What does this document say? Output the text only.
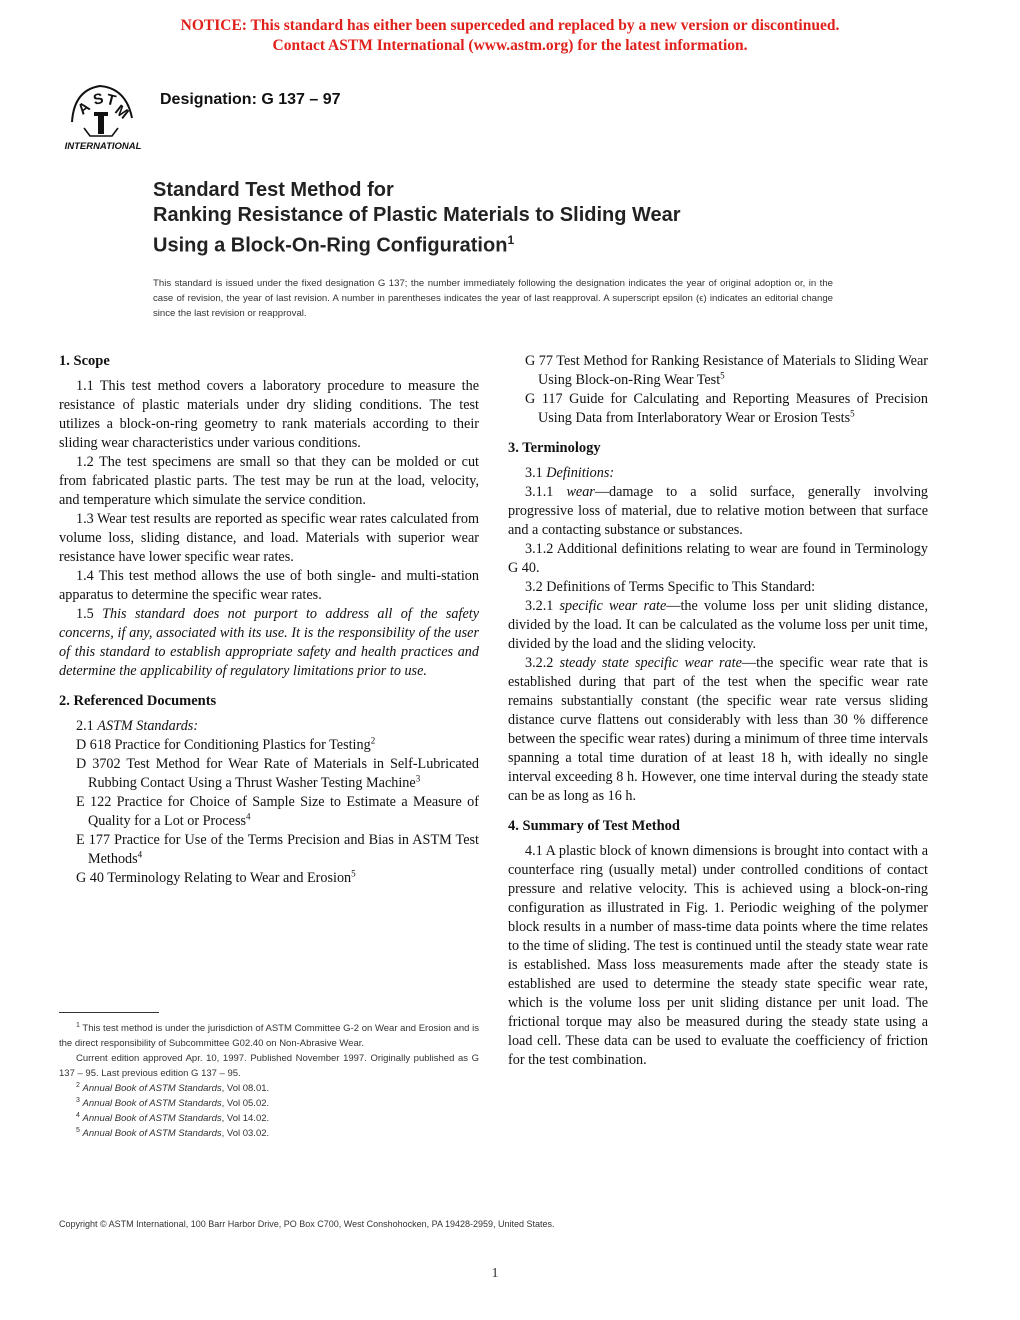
NOTICE: This standard has either been superceded and replaced by a new version or discontinued.
Contact ASTM International (www.astm.org) for the latest information.
A
S T
M
INTERNATIONAL
Designation: G 137 – 97
Standard Test Method for
Ranking Resistance of Plastic Materials to Sliding Wear
Using a Block-On-Ring Configuration$^1$
This standard is issued under the fixed designation G 137; the number immediately following the designation indicates the year of original adoption or, in the case of revision, the year of last revision. A number in parentheses indicates the year of last reapproval. A superscript epsilon (ϵ) indicates an editorial change since the last revision or reapproval.
1. Scope

1.1 This test method covers a laboratory procedure to measure the resistance of plastic materials under dry sliding conditions. The test utilizes a block-on-ring geometry to rank materials according to their sliding wear characteristics under various conditions.

1.2 The test specimens are small so that they can be molded or cut from fabricated plastic parts. The test may be run at the load, velocity, and temperature which simulate the service condition.

1.3 Wear test results are reported as specific wear rates calculated from volume loss, sliding distance, and load. Materials with superior wear resistance have lower specific wear rates.

1.4 This test method allows the use of both single- and multi-station apparatus to determine the specific wear rates.

1.5 This standard does not purport to address all of the safety concerns, if any, associated with its use. It is the responsibility of the user of this standard to establish appropriate safety and health practices and determine the applicability of regulatory limitations prior to use.

2. Referenced Documents

2.1 ASTM Standards:

D 618 Practice for Conditioning Plastics for Testing$^2$

D 3702 Test Method for Wear Rate of Materials in Self-Lubricated Rubbing Contact Using a Thrust Washer Testing Machine$^3$

E 122 Practice for Choice of Sample Size to Estimate a Measure of Quality for a Lot or Process$^4$

E 177 Practice for Use of the Terms Precision and Bias in ASTM Test Methods$^4$

G 40 Terminology Relating to Wear and Erosion$^5$

$^1$ This test method is under the jurisdiction of ASTM Committee G-2 on Wear and Erosion and is the direct responsibility of Subcommittee G02.40 on Non-Abrasive Wear.

Current edition approved Apr. 10, 1997. Published November 1997. Originally published as G 137 – 95. Last previous edition G 137 – 95.

$^2$ Annual Book of ASTM Standards, Vol 08.01.

$^3$ Annual Book of ASTM Standards, Vol 05.02.

$^4$ Annual Book of ASTM Standards, Vol 14.02.

$^5$ Annual Book of ASTM Standards, Vol 03.02.

G 77 Test Method for Ranking Resistance of Materials to Sliding Wear Using Block-on-Ring Wear Test$^5$

G 117 Guide for Calculating and Reporting Measures of Precision Using Data from Interlaboratory Wear or Erosion Tests$^5$

3. Terminology

3.1 Definitions:

3.1.1 wear—damage to a solid surface, generally involving progressive loss of material, due to relative motion between that surface and a contacting substance or substances.

3.1.2 Additional definitions relating to wear are found in Terminology G 40.

3.2 Definitions of Terms Specific to This Standard:

3.2.1 specific wear rate—the volume loss per unit sliding distance, divided by the load. It can be calculated as the volume loss per unit time, divided by the load and the sliding velocity.

3.2.2 steady state specific wear rate—the specific wear rate that is established during that part of the test when the specific wear rate remains substantially constant (the specific wear rate versus sliding distance curve flattens out considerably with less than 30 % difference between the specific wear rates) during a minimum of three time intervals spanning a total time duration of at least 18 h, with ideally no single interval exceeding 8 h. However, one time interval during the steady state can be as long as 16 h.

4. Summary of Test Method

4.1 A plastic block of known dimensions is brought into contact with a counterface ring (usually metal) under controlled conditions of contact pressure and relative velocity. This is achieved using a block-on-ring configuration as illustrated in Fig. 1. Periodic weighing of the polymer block results in a number of mass-time data points where the time relates to the time of sliding. The test is continued until the steady state wear rate is established. Mass loss measurements made after the steady state is established are used to determine the steady state specific wear rate, which is the volume loss per unit sliding distance per unit load. The frictional torque may also be measured during the steady state using a load cell. These data can be used to evaluate the coefficiency of friction for the test combination.

Copyright © ASTM International, 100 Barr Harbor Drive, PO Box C700, West Conshohocken, PA 19428-2959, United States.
1
